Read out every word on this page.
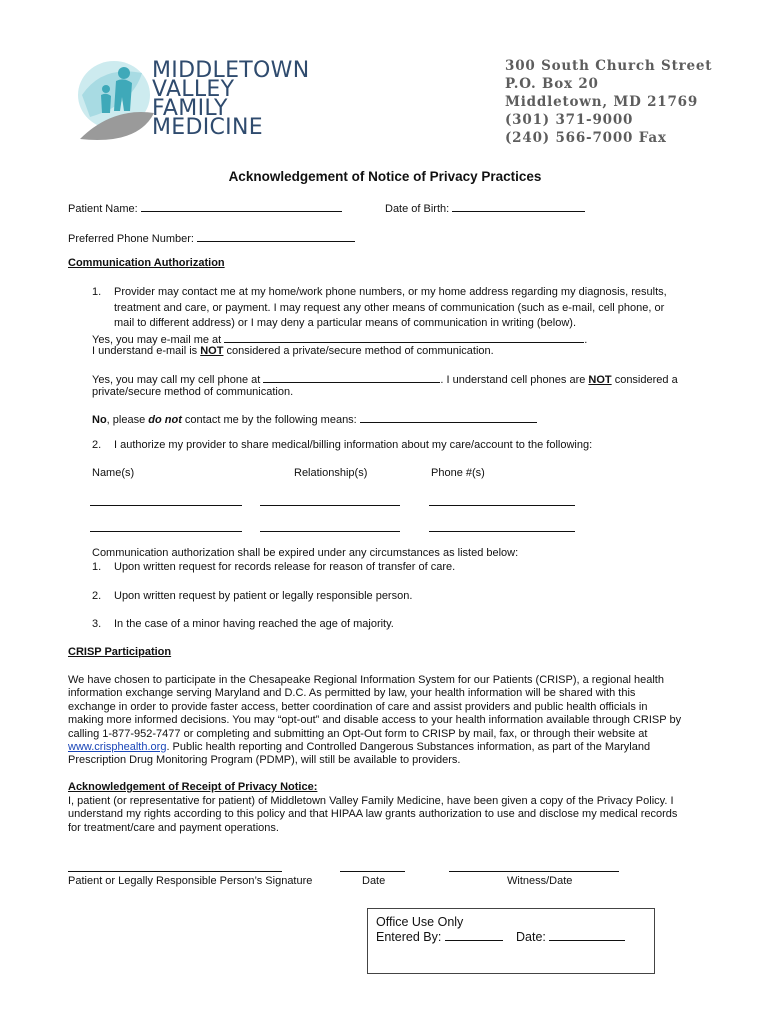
MIDDLETOWN
VALLEY
FAMILY
MEDICINE
300 South Church Street
P.O. Box 20
Middletown, MD 21769
(301) 371-9000
(240) 566-7000 Fax
Acknowledgement of Notice of Privacy Practices
Patient Name:	Date of Birth:
Preferred Phone Number:
Communication Authorization
1. Provider may contact me at my home/work phone numbers, or my home address regarding my diagnosis, results,
treatment and care, or payment. I may request any other means of communication (such as e-mail, cell phone, or
mail to different address) or I may deny a particular means of communication in writing (below).
Yes, you may e-mail me at	.
I understand e-mail is NOT considered a private/secure method of communication.
Yes, you may call my cell phone at	. I understand cell phones are NOT considered a
private/secure method of communication.
No, please do not contact me by the following means:
2. I authorize my provider to share medical/billing information about my care/account to the following:
Name(s)	Relationship(s)	Phone #(s)
Communication authorization shall be expired under any circumstances as listed below:
1. Upon written request for records release for reason of transfer of care.
2. Upon written request by patient or legally responsible person.
3. In the case of a minor having reached the age of majority.
CRISP Participation
We have chosen to participate in the Chesapeake Regional Information System for our Patients (CRISP), a regional health
information exchange serving Maryland and D.C. As permitted by law, your health information will be shared with this
exchange in order to provide faster access, better coordination of care and assist providers and public health officials in
making more informed decisions. You may “opt-out” and disable access to your health information available through CRISP by
calling 1-877-952-7477 or completing and submitting an Opt-Out form to CRISP by mail, fax, or through their website at
www.crisphealth.org. Public health reporting and Controlled Dangerous Substances information, as part of the Maryland
Prescription Drug Monitoring Program (PDMP), will still be available to providers.
Acknowledgement of Receipt of Privacy Notice:
I, patient (or representative for patient) of Middletown Valley Family Medicine, have been given a copy of the Privacy Policy. I
understand my rights according to this policy and that HIPAA law grants authorization to use and disclose my medical records
for treatment/care and payment operations.
Patient or Legally Responsible Person’s Signature	Date	Witness/Date
Office Use Only
Entered By:	Date:
